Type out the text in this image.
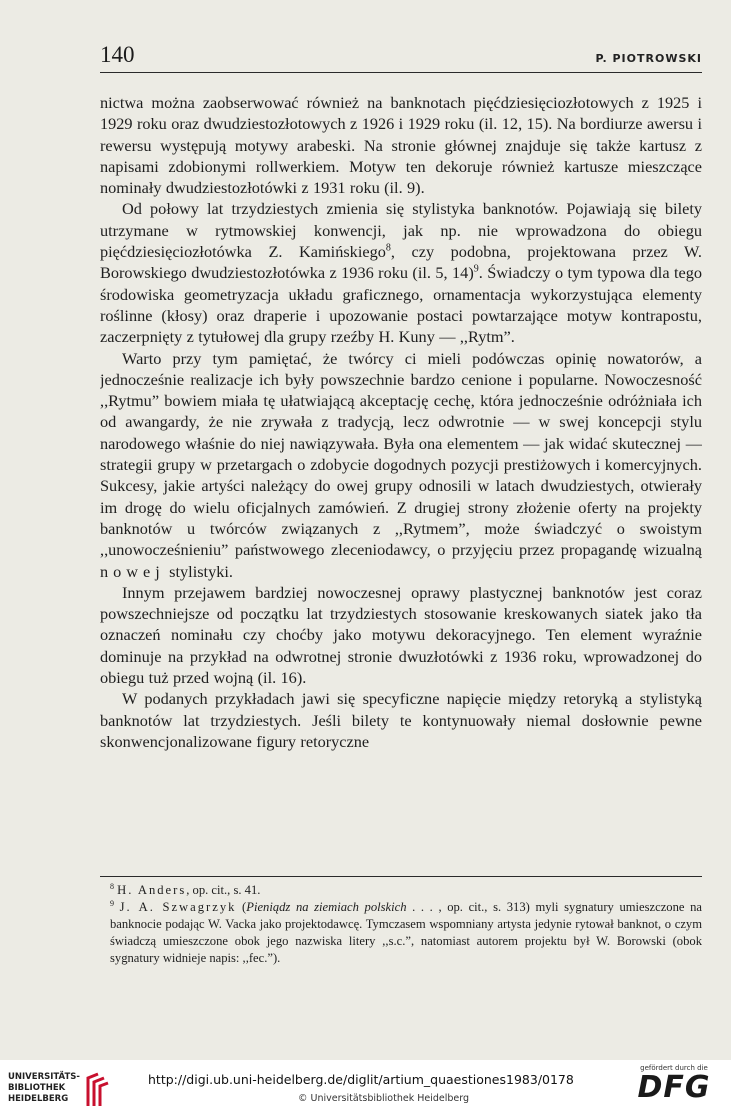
140	P. PIOTROWSKI

nictwa można zaobserwować również na banknotach pięćdziesięciozłotowych z 1925 i 1929 roku oraz dwudziestozłotowych z 1926 i 1929 roku (il. 12, 15). Na bordiurze awersu i rewersu występują motywy arabeski. Na stronie głównej znajduje się także kartusz z napisami zdobionymi rollwerkiem. Motyw ten dekoruje również kartusze mieszczące nominały dwudziestozłotówki z 1931 roku (il. 9).

Od połowy lat trzydziestych zmienia się stylistyka banknotów. Pojawiają się bilety utrzymane w rytmowskiej konwencji, jak np. nie wprowadzona do obiegu pięćdziesięciozłotówka Z. Kamińskiego$^8$, czy podobna, projektowana przez W. Borowskiego dwudziestozłotówka z 1936 roku (il. 5, 14)$^9$. Świadczy o tym typowa dla tego środowiska geometryzacja układu graficznego, ornamentacja wykorzystująca elementy roślinne (kłosy) oraz draperie i upozowanie postaci powtarzające motyw kontrapostu, zaczerpnięty z tytułowej dla grupy rzeźby H. Kuny — ,,Rytm”.

Warto przy tym pamiętać, że twórcy ci mieli podówczas opinię nowatorów, a jednocześnie realizacje ich były powszechnie bardzo cenione i popularne. Nowoczesność ,,Rytmu” bowiem miała tę ułatwiającą akceptację cechę, która jednocześnie odróżniała ich od awangardy, że nie zrywała z tradycją, lecz odwrotnie — w swej koncepcji stylu narodowego właśnie do niej nawiązywała. Była ona elementem — jak widać skutecznej — strategii grupy w przetargach o zdobycie dogodnych pozycji prestiżowych i komercyjnych. Sukcesy, jakie artyści należący do owej grupy odnosili w latach dwudziestych, otwierały im drogę do wielu oficjalnych zamówień. Z drugiej strony złożenie oferty na projekty banknotów u twórców związanych z ,,Rytmem”, może świadczyć o swoistym ,,unowocześnieniu” państwowego zleceniodawcy, o przyjęciu przez propagandę wizualną nowej stylistyki.

Innym przejawem bardziej nowoczesnej oprawy plastycznej banknotów jest coraz powszechniejsze od początku lat trzydziestych stosowanie kreskowanych siatek jako tła oznaczeń nominału czy choćby jako motywu dekoracyjnego. Ten element wyraźnie dominuje na przykład na odwrotnej stronie dwuzłotówki z 1936 roku, wprowadzonej do obiegu tuż przed wojną (il. 16).

W podanych przykładach jawi się specyficzne napięcie między retoryką a stylistyką banknotów lat trzydziestych. Jeśli bilety te kontynuowały niemal dosłownie pewne skonwencjonalizowane figury retoryczne

$^8$ H. Anders, op. cit., s. 41.

$^9$ J. A. Szwagrzyk (Pieniądz na ziemiach polskich . . . , op. cit., s. 313) myli sygnatury umieszczone na banknocie podając W. Vacka jako projektodawcę. Tymczasem wspomniany artysta jedynie rytował banknot, o czym świadczą umieszczone obok jego nazwiska litery ,,s.c.”, natomiast autorem projektu był W. Borowski (obok sygnatury widnieje napis: ,,fec.”).

UNIVERSITÄTS-
BIBLIOTHEK
HEIDELBERG
http://digi.ub.uni-heidelberg.de/diglit/artium_quaestiones1983/0178
© Universitätsbibliothek Heidelberg
gefördert durch die
DFG
